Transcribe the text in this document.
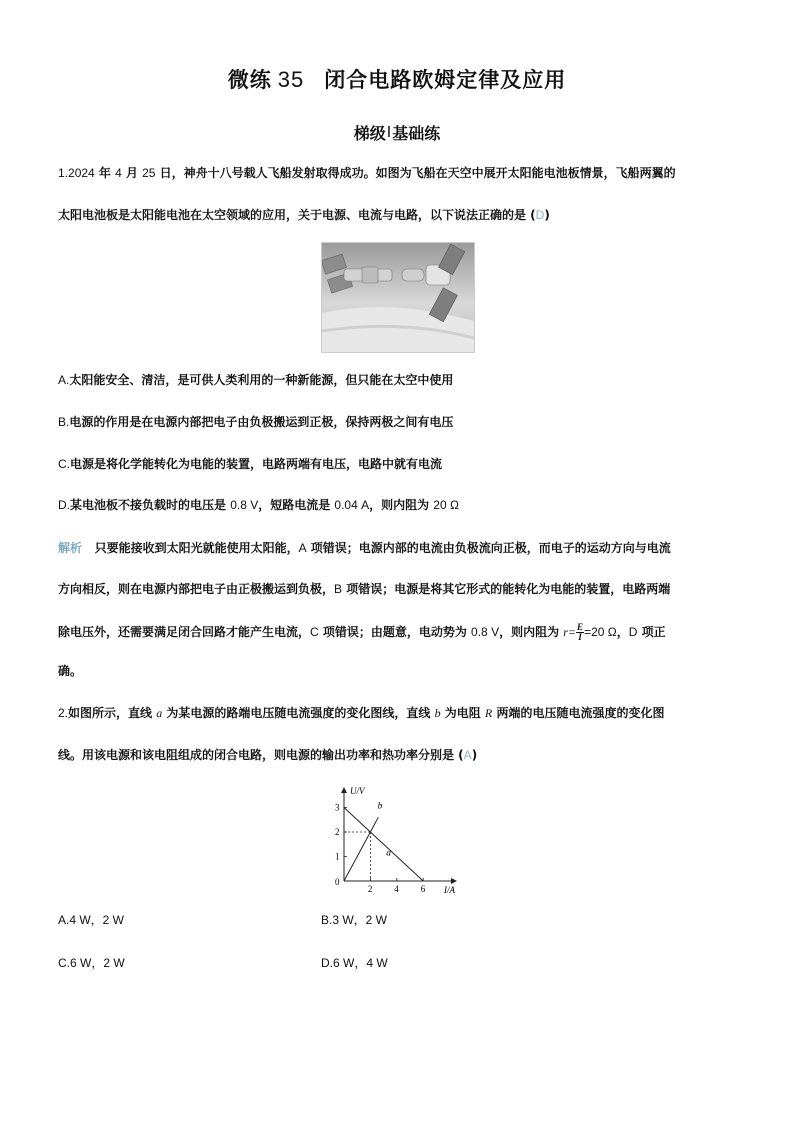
微练 35 闭合电路欧姆定律及应用
梯级Ⅰ基础练
1.2024 年 4 月 25 日，神舟十八号载人飞船发射取得成功。如图为飞船在天空中展开太阳能电池板情景，飞船两翼的
太阳电池板是太阳能电池在太空领域的应用，关于电源、电流与电路，以下说法正确的是 (D)
A.太阳能安全、清洁，是可供人类利用的一种新能源，但只能在太空中使用
B.电源的作用是在电源内部把电子由负极搬运到正极，保持两极之间有电压
C.电源是将化学能转化为电能的装置，电路两端有电压，电路中就有电流
D.某电池板不接负载时的电压是 0.8 V，短路电流是 0.04 A，则内阻为 20 Ω
解析 只要能接收到太阳光就能使用太阳能，A 项错误；电源内部的电流由负极流向正极，而电子的运动方向与电流
方向相反，则在电源内部把电子由正极搬运到负极，B 项错误；电源是将其它形式的能转化为电能的装置，电路两端
除电压外，还需要满足闭合回路才能产生电流，C 项错误；由题意，电动势为 0.8 V，则内阻为 $r= \frac{E}{I} =20$ Ω，D 项正
确。
2.如图所示，直线 a 为某电源的路端电压随电流强度的变化图线，直线 b 为电阻 R 两端的电压随电流强度的变化图
线。用该电源和该电阻组成的闭合电路，则电源的输出功率和热功率分别是 (A)
U/V
I/A
0
2 4 6
1
2
3
a
b
A.4 W，2 W	B.3 W，2 W
C.6 W，2 W	D.6 W，4 W
